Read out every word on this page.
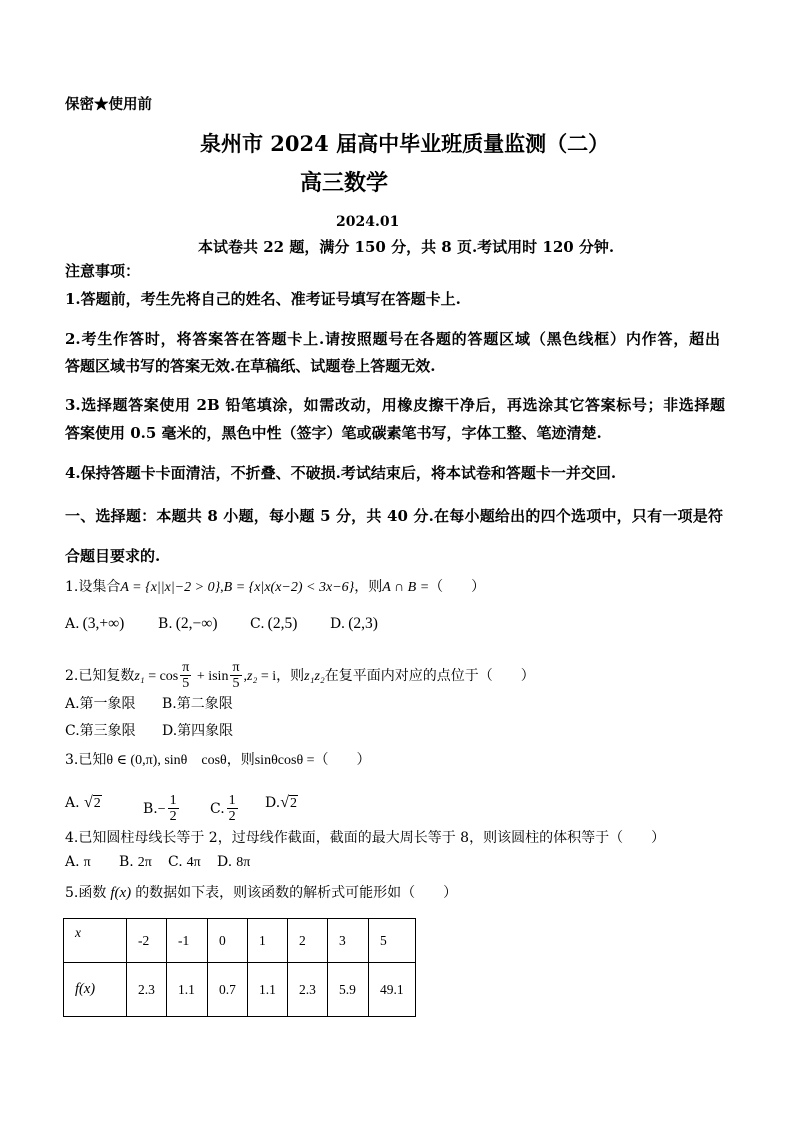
保密★使用前
泉州市 2024 届高中毕业班质量监测（二）
高三数学
2024.01
本试卷共 22 题，满分 150 分，共 8 页.考试用时 120 分钟.
注意事项：
1.答题前，考生先将自己的姓名、准考证号填写在答题卡上.
2.考生作答时，将答案答在答题卡上.请按照题号在各题的答题区域（黑色线框）内作答，超出
答题区域书写的答案无效.在草稿纸、试题卷上答题无效.
3.选择题答案使用 2B 铅笔填涂，如需改动，用橡皮擦干净后，再选涂其它答案标号；非选择题
答案使用 0.5 毫米的，黑色中性（签字）笔或碳素笔书写，字体工整、笔迹清楚.
4.保持答题卡卡面清洁，不折叠、不破损.考试结束后，将本试卷和答题卡一并交回.
一、选择题：本题共 8 小题，每小题 5 分，共 40 分.在每小题给出的四个选项中，只有一项是符
合题目要求的.
1.设集合A = {x||x|−2 > 0},B = {x|x(x−2) < 3x−6}，则A ∩ B =（　　）
A. (3,+∞) B. (2,−∞) C. (2,5) D. (2,3)
2.已知复数$z_1 = \cos \frac{\pi}{5} + isin \frac{\pi}{5} ,z_2 = i$，则z₁z₂在复平面内对应的点位于（　　）
A.第一象限 B.第二象限
C.第三象限 D.第四象限
3.已知θ ∈ (0,π), sinθ　cosθ，则sinθcosθ =（　　）
A. √2	$B.- \frac{1}{2} C$. $\frac{1}{2} D.√2$
4.已知圆柱母线长等于 2，过母线作截面，截面的最大周长等于 8，则该圆柱的体积等于（　　）
A. π B. 2π C. 4π D. 8π
5.函数 f(x) 的数据如下表，则该函数的解析式可能形如（　　）
x	-2	-1	0	1	2	3	5
f(x)	2.3	1.1	0.7	1.1	2.3	5.9	49.1
